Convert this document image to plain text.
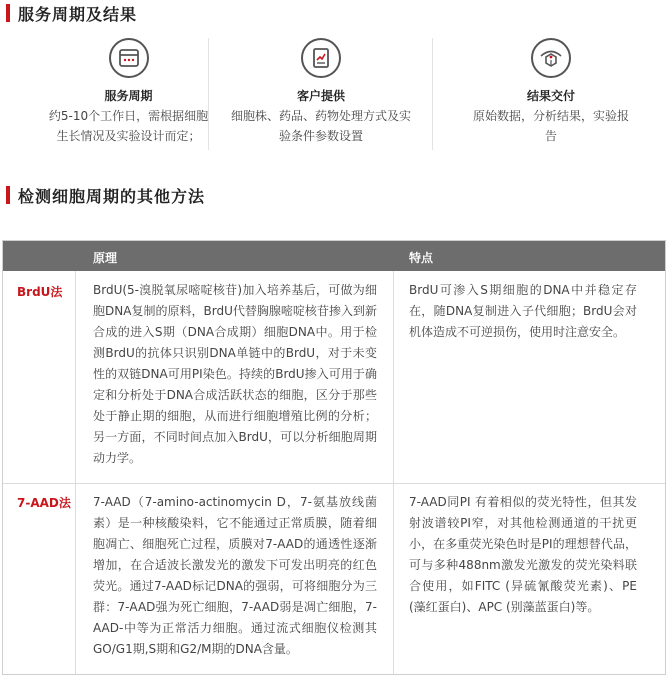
服务周期及结果
服务周期
约5-10个工作日，需根据细胞生长情况及实验设计而定；
客户提供
细胞株、药品、药物处理方式及实验条件参数设置
结果交付
原始数据，分析结果，实验报告
检测细胞周期的其他方法
原理	特点
BrdU法	BrdU(5-溴脱氧尿嘧啶核苷)加入培养基后，可做为细胞DNA复制的原料，BrdU代替胸腺嘧啶核苷掺入到新合成的进入S期（DNA合成期）细胞DNA中。用于检测BrdU的抗体只识别DNA单链中的BrdU，对于未变性的双链DNA可用PI染色。持续的BrdU掺入可用于确定和分析处于DNA合成活跃状态的细胞，区分于那些处于静止期的细胞，从而进行细胞增殖比例的分析；另一方面，不同时间点加入BrdU，可以分析细胞周期动力学。
BrdU可渗入S期细胞的DNA中并稳定存在，随DNA复制进入子代细胞；BrdU会对机体造成不可逆损伤，使用时注意安全。
7-AAD法 7-AAD（7-amino-actinomycin D，7-氨基放线菌素）是一种核酸染料，它不能通过正常质膜，随着细胞凋亡、细胞死亡过程，质膜对7-AAD的通透性逐渐增加，在合适波长激发光的激发下可发出明亮的红色荧光。通过7-AAD标记DNA的强弱，可将细胞分为三群：7-AAD强为死亡细胞，7-AAD弱是凋亡细胞，7-AAD-中等为正常活力细胞。通过流式细胞仪检测其GO/G1期,S期和G2/M期的DNA含量。
7-AAD同PI 有着相似的荧光特性，但其发射波谱较PI窄，对其他检测通道的干扰更小，在多重荧光染色时是PI的理想替代品，可与多种488nm激发光激发的荧光染料联合使用，如FITC (异硫氰酸荧光素)、PE (藻红蛋白)、APC (别藻蓝蛋白)等。
